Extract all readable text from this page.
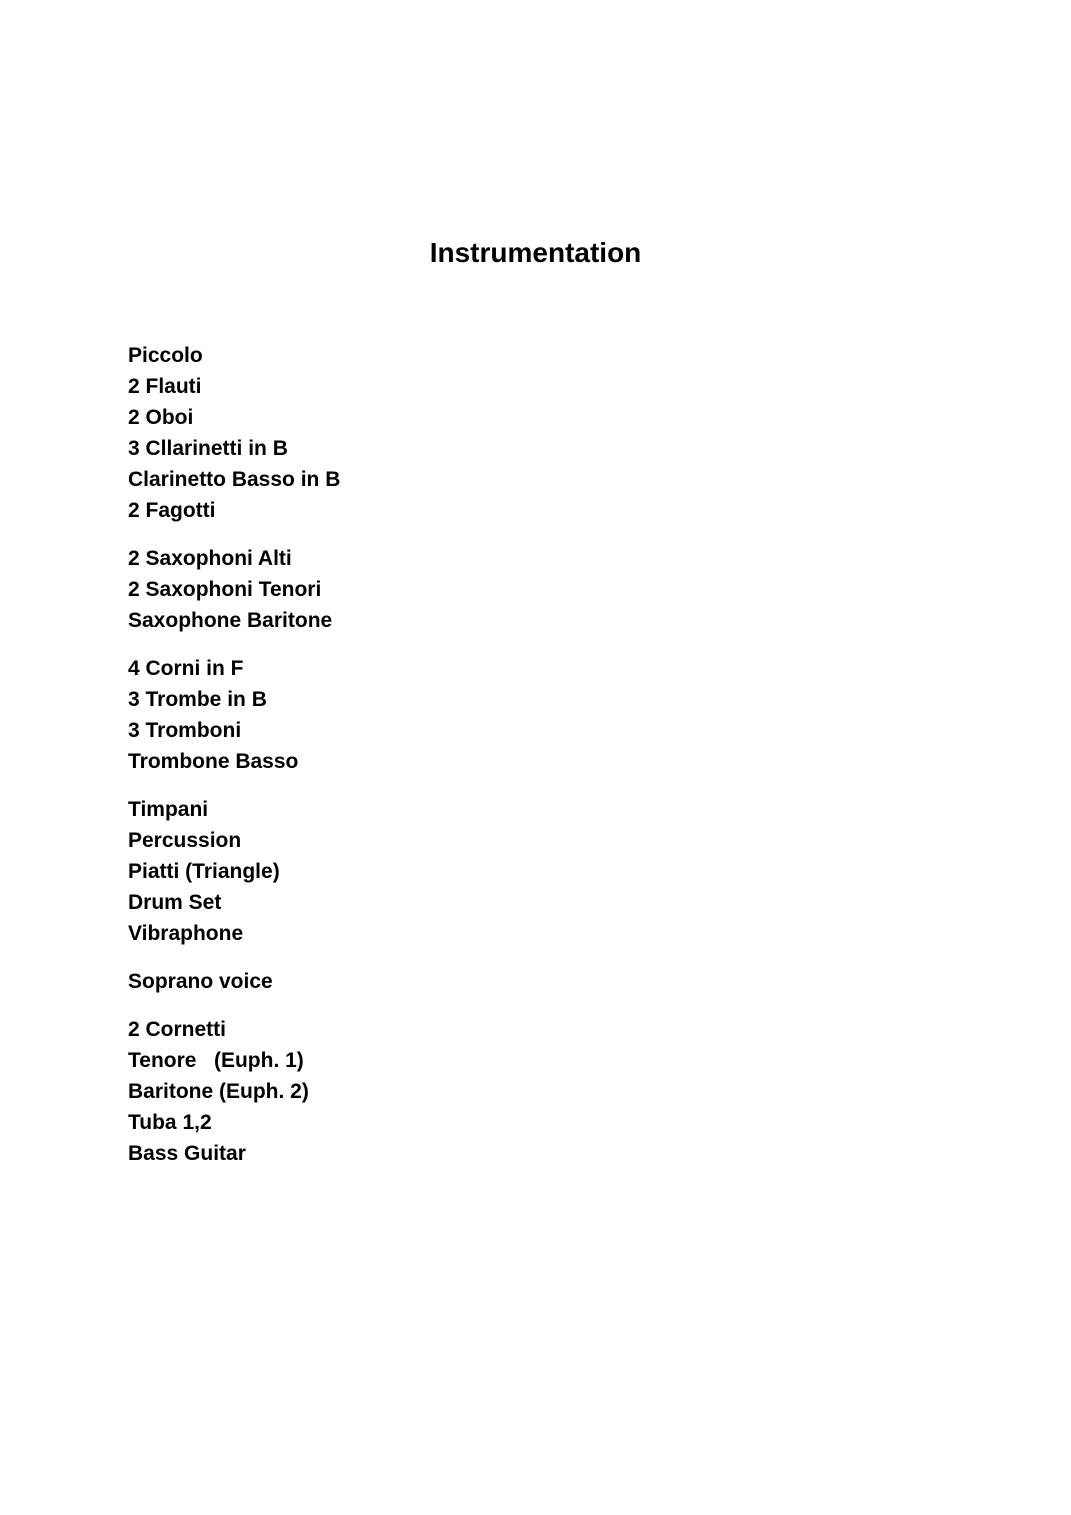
Instrumentation
Piccolo
2 Flauti
2 Oboi
3 Cllarinetti in B
Clarinetto Basso in B
2 Fagotti
2 Saxophoni Alti
2 Saxophoni Tenori
Saxophone Baritone
4 Corni in F
3 Trombe in B
3 Tromboni
Trombone Basso
Timpani
Percussion
Piatti (Triangle)
Drum Set
Vibraphone
Soprano voice
2 Cornetti
Tenore   (Euph. 1)
Baritone (Euph. 2)
Tuba 1,2
Bass Guitar
